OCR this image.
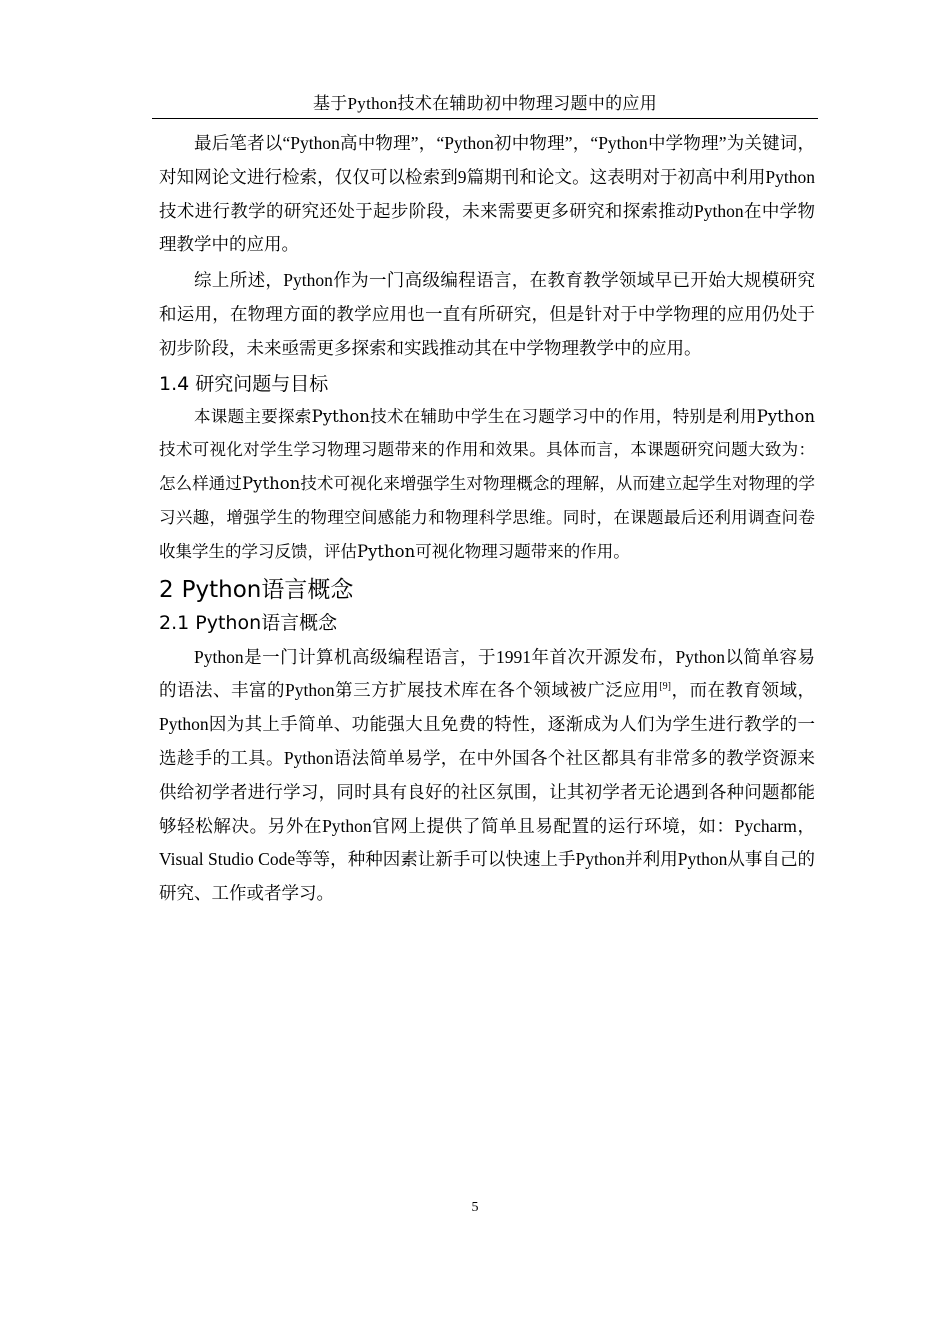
基于Python技术在辅助初中物理习题中的应用

最后笔者以“Python高中物理”，“Python初中物理”，“Python中学物理”为关键词，对知网论文进行检索，仅仅可以检索到9篇期刊和论文。这表明对于初高中利用Python技术进行教学的研究还处于起步阶段，未来需要更多研究和探索推动Python在中学物理教学中的应用。

综上所述，Python作为一门高级编程语言，在教育教学领域早已开始大规模研究和运用，在物理方面的教学应用也一直有所研究，但是针对于中学物理的应用仍处于初步阶段，未来亟需更多探索和实践推动其在中学物理教学中的应用。

1.4 研究问题与目标

本课题主要探索Python技术在辅助中学生在习题学习中的作用，特别是利用Python技术可视化对学生学习物理习题带来的作用和效果。具体而言，本课题研究问题大致为：怎么样通过Python技术可视化来增强学生对物理概念的理解，从而建立起学生对物理的学习兴趣，增强学生的物理空间感能力和物理科学思维。同时，在课题最后还利用调查问卷收集学生的学习反馈，评估Python可视化物理习题带来的作用。

2 Python语言概念
2.1 Python语言概念

Python是一门计算机高级编程语言，于1991年首次开源发布，Python以简单容易的语法、丰富的Python第三方扩展技术库在各个领域被广泛应用[9]，而在教育领域，Python因为其上手简单、功能强大且免费的特性，逐渐成为人们为学生进行教学的一选趁手的工具。Python语法简单易学，在中外国各个社区都具有非常多的教学资源来供给初学者进行学习，同时具有良好的社区氛围，让其初学者无论遇到各种问题都能够轻松解决。另外在Python官网上提供了简单且易配置的运行环境，如：Pycharm，Visual Studio Code等等，种种因素让新手可以快速上手Python并利用Python从事自己的研究、工作或者学习。

5
